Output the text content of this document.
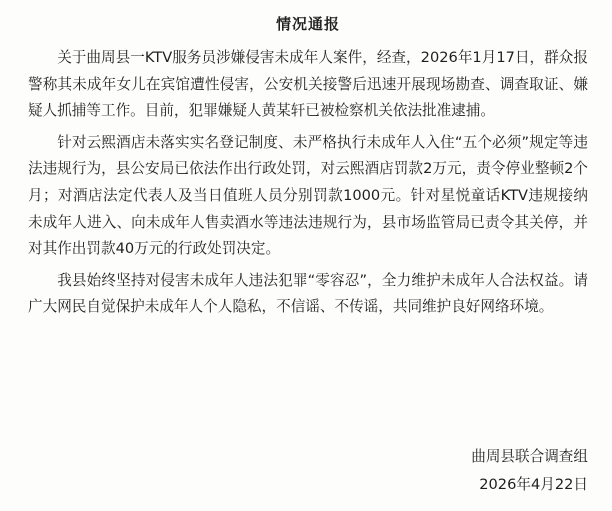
情况通报

关于曲周县一KTV服务员涉嫌侵害未成年人案件，经查，2026年1月17日，群众报警称其未成年女儿在宾馆遭性侵害，公安机关接警后迅速开展现场勘查、调查取证、嫌疑人抓捕等工作。目前，犯罪嫌疑人黄某轩已被检察机关依法批准逮捕。

针对云熙酒店未落实实名登记制度、未严格执行未成年人入住“五个必须”规定等违法违规行为，县公安局已依法作出行政处罚，对云熙酒店罚款2万元，责令停业整顿2个月；对酒店法定代表人及当日值班人员分别罚款1000元。针对星悦童话KTV违规接纳未成年人进入、向未成年人售卖酒水等违法违规行为，县市场监管局已责令其关停，并对其作出罚款40万元的行政处罚决定。

我县始终坚持对侵害未成年人违法犯罪“零容忍”，全力维护未成年人合法权益。请广大网民自觉保护未成年人个人隐私，不信谣、不传谣，共同维护良好网络环境。

曲周县联合调查组
2026年4月22日
